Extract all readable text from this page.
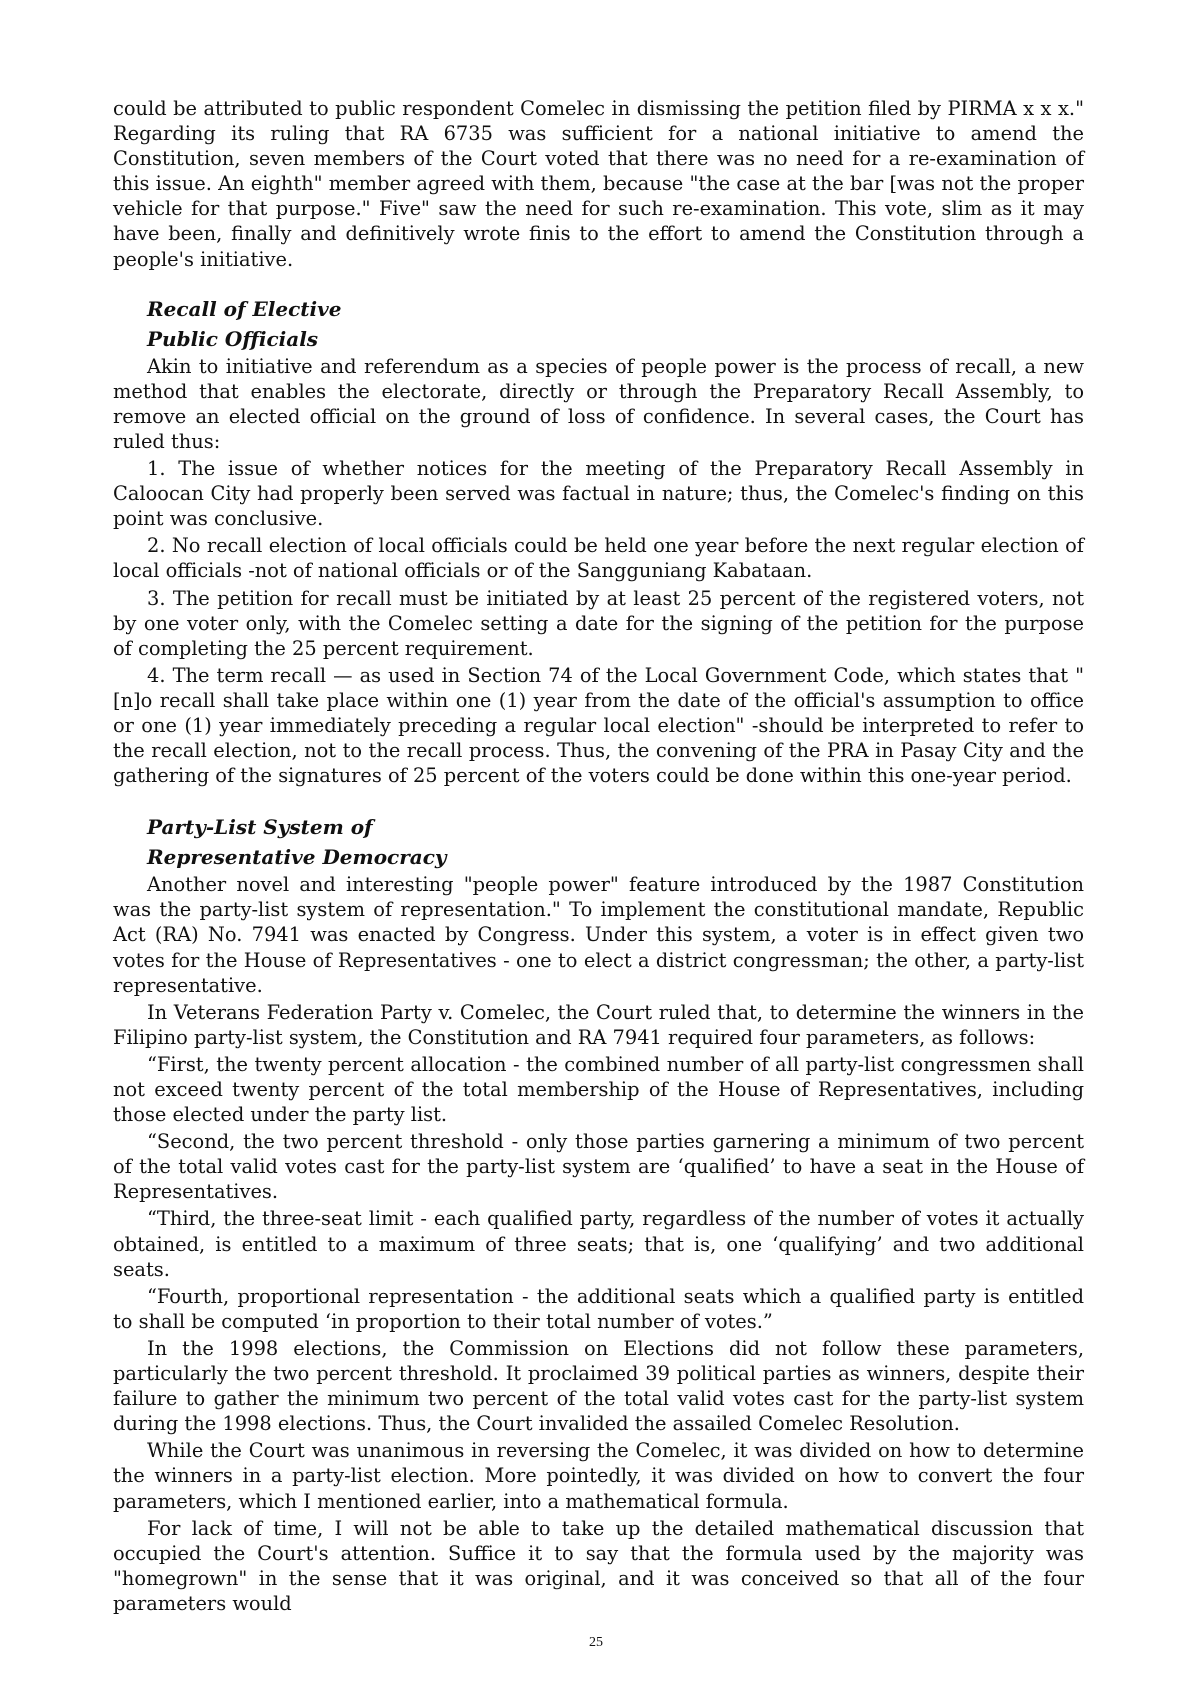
could be attributed to public respondent Comelec in dismissing the petition filed by PIRMA x x x." Regarding its ruling that RA 6735 was sufficient for a national initiative to amend the Constitution, seven members of the Court voted that there was no need for a re-examination of this issue. An eighth" member agreed with them, because "the case at the bar [was not the proper vehicle for that purpose." Five" saw the need for such re-examination. This vote, slim as it may have been, finally and definitively wrote finis to the effort to amend the Constitution through a people's initiative.

Recall of Elective
Public Officials

Akin to initiative and referendum as a species of people power is the process of recall, a new method that enables the electorate, directly or through the Preparatory Recall Assembly, to remove an elected official on the ground of loss of confidence. In several cases, the Court has ruled thus:

1. The issue of whether notices for the meeting of the Preparatory Recall Assembly in Caloocan City had properly been served was factual in nature; thus, the Comelec's finding on this point was conclusive.

2. No recall election of local officials could be held one year before the next regular election of local officials -not of national officials or of the Sangguniang Kabataan.

3. The petition for recall must be initiated by at least 25 percent of the registered voters, not by one voter only, with the Comelec setting a date for the signing of the petition for the purpose of completing the 25 percent requirement.

4. The term recall — as used in Section 74 of the Local Government Code, which states that " [n]o recall shall take place within one (1) year from the date of the official's assumption to office or one (1) year immediately preceding a regular local election" -should be interpreted to refer to the recall election, not to the recall process. Thus, the convening of the PRA in Pasay City and the gathering of the signatures of 25 percent of the voters could be done within this one-year period.

Party-List System of
Representative Democracy

Another novel and interesting "people power" feature introduced by the 1987 Constitution was the party-list system of representation." To implement the constitutional mandate, Republic Act (RA) No. 7941 was enacted by Congress. Under this system, a voter is in effect given two votes for the House of Representatives - one to elect a district congressman; the other, a party-list representative.

In Veterans Federation Party v. Comelec, the Court ruled that, to determine the winners in the Filipino party-list system, the Constitution and RA 7941 required four parameters, as follows:

“First, the twenty percent allocation - the combined number of all party-list congressmen shall not exceed twenty percent of the total membership of the House of Representatives, including those elected under the party list.

“Second, the two percent threshold - only those parties garnering a minimum of two percent of the total valid votes cast for the party-list system are ‘qualified’ to have a seat in the House of Representatives.

“Third, the three-seat limit - each qualified party, regardless of the number of votes it actually obtained, is entitled to a maximum of three seats; that is, one ‘qualifying’ and two additional seats.

“Fourth, proportional representation - the additional seats which a qualified party is entitled to shall be computed ‘in proportion to their total number of votes.”

In the 1998 elections, the Commission on Elections did not follow these parameters, particularly the two percent threshold. It proclaimed 39 political parties as winners, despite their failure to gather the minimum two percent of the total valid votes cast for the party-list system during the 1998 elections. Thus, the Court invalided the assailed Comelec Resolution.

While the Court was unanimous in reversing the Comelec, it was divided on how to determine the winners in a party-list election. More pointedly, it was divided on how to convert the four parameters, which I mentioned earlier, into a mathematical formula.

For lack of time, I will not be able to take up the detailed mathematical discussion that occupied the Court's attention. Suffice it to say that the formula used by the majority was "homegrown" in the sense that it was original, and it was conceived so that all of the four parameters would

25
